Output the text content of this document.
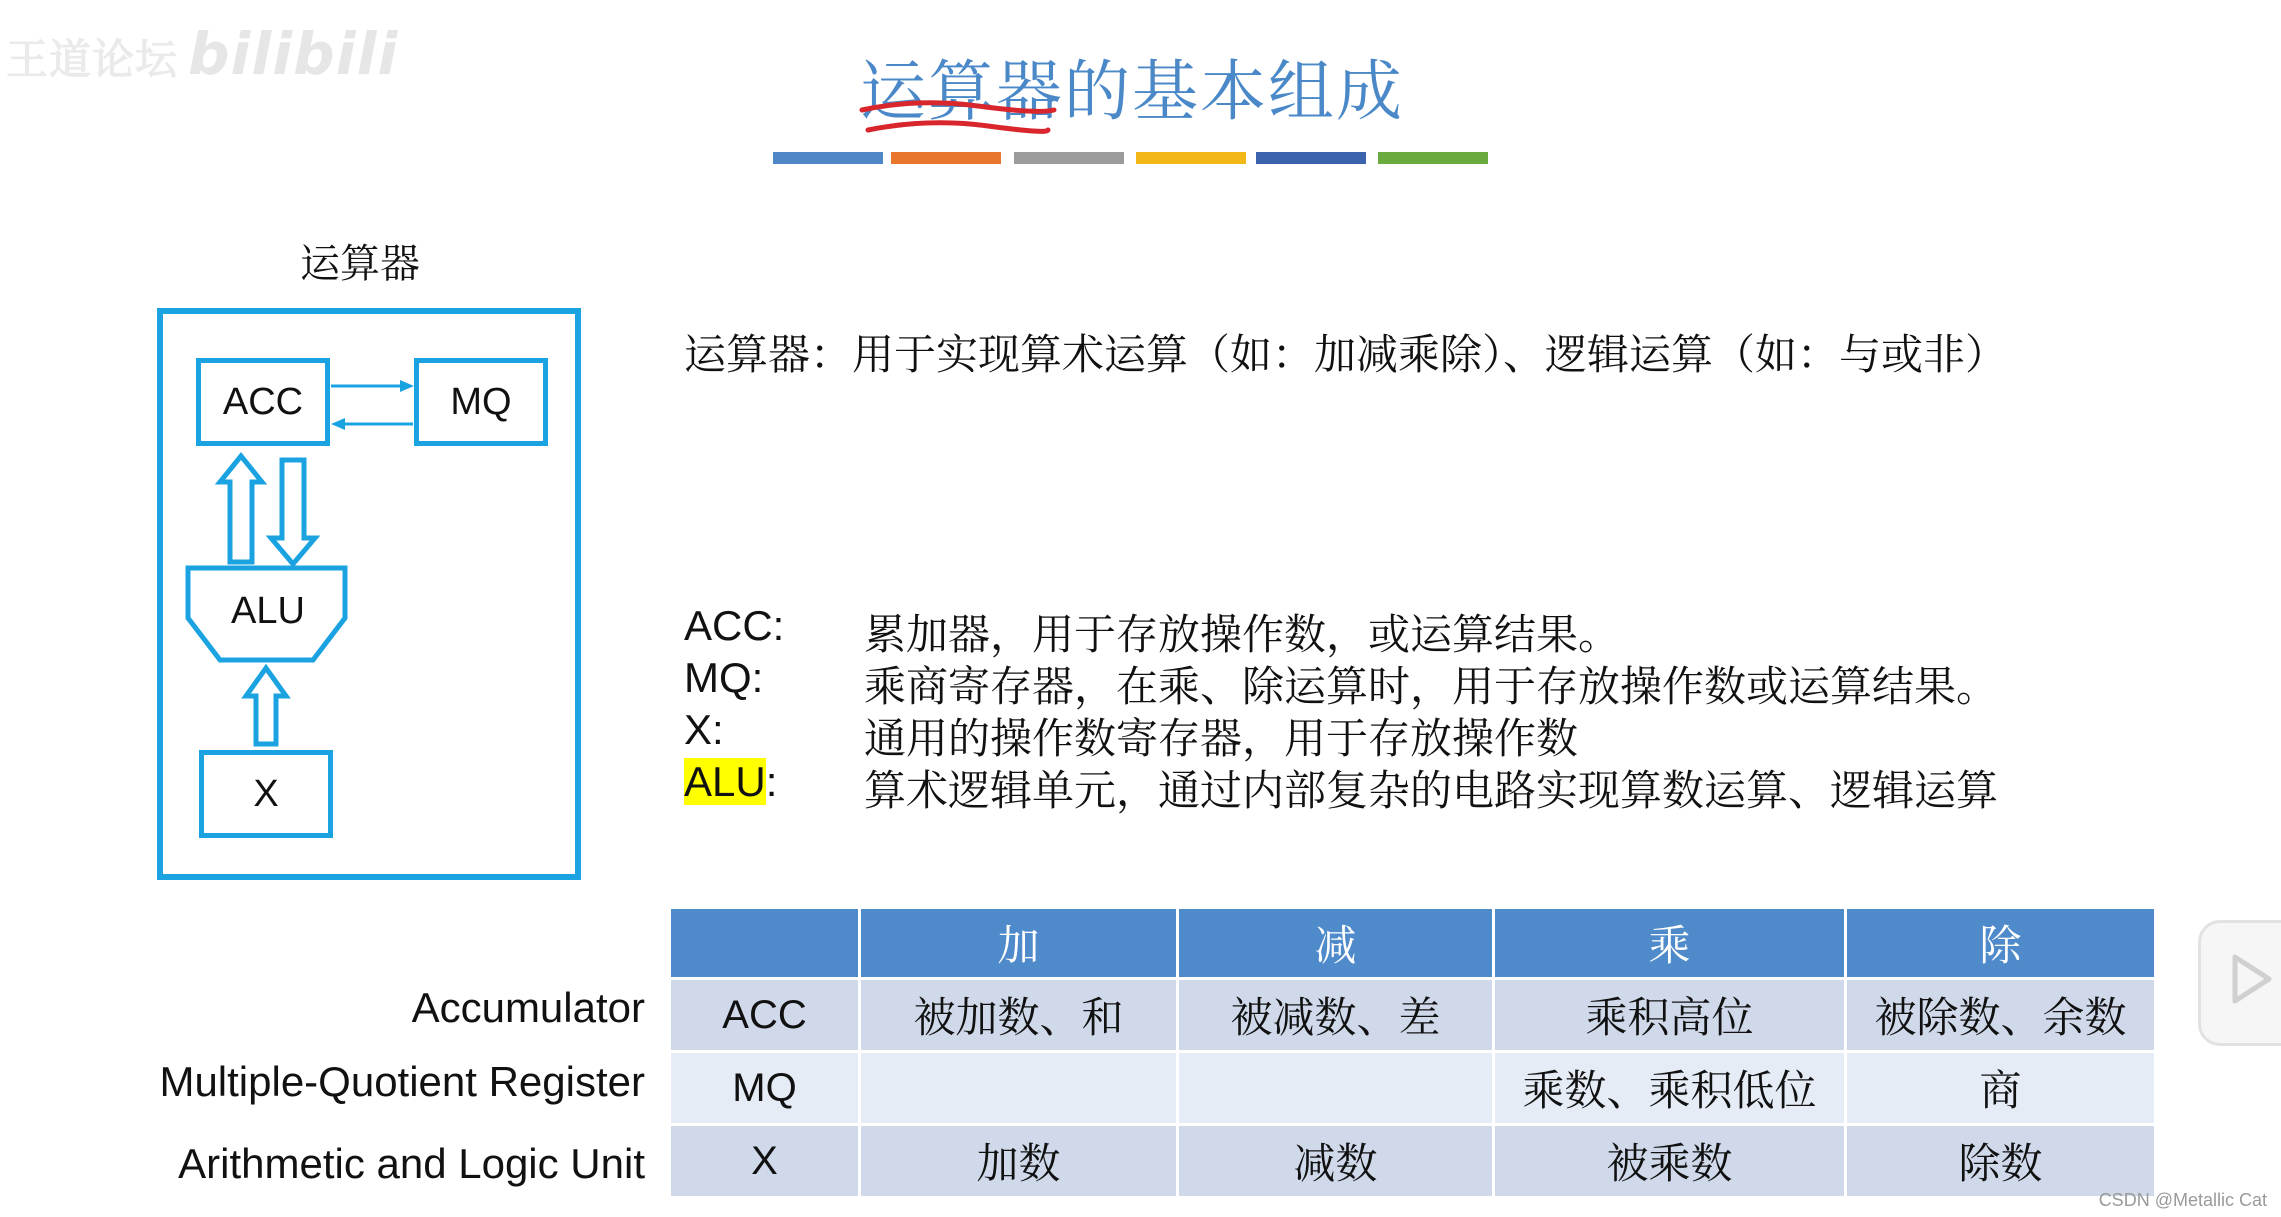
王道论坛 bilibili	运算器的基本组成
运算器
ACC	MQ
X
ALU
运算器：用于实现算术运算（如：加减乘除）、逻辑运算（如：与或非）
ACC: 累加器，用于存放操作数，或运算结果。
MQ: 乘商寄存器，在乘、除运算时，用于存放操作数或运算结果。
X:	通用的操作数寄存器，用于存放操作数
ALU: 算术逻辑单元，通过内部复杂的电路实现算数运算、逻辑运算
Accumulator
Multiple-Quotient Register
Arithmetic and Logic Unit
	加	减	乘	除
ACC	被加数、和	被减数、差	乘积高位	被除数、余数
MQ			乘数、乘积低位	商
X	加数	减数	被乘数	除数
CSDN @Metallic Cat
